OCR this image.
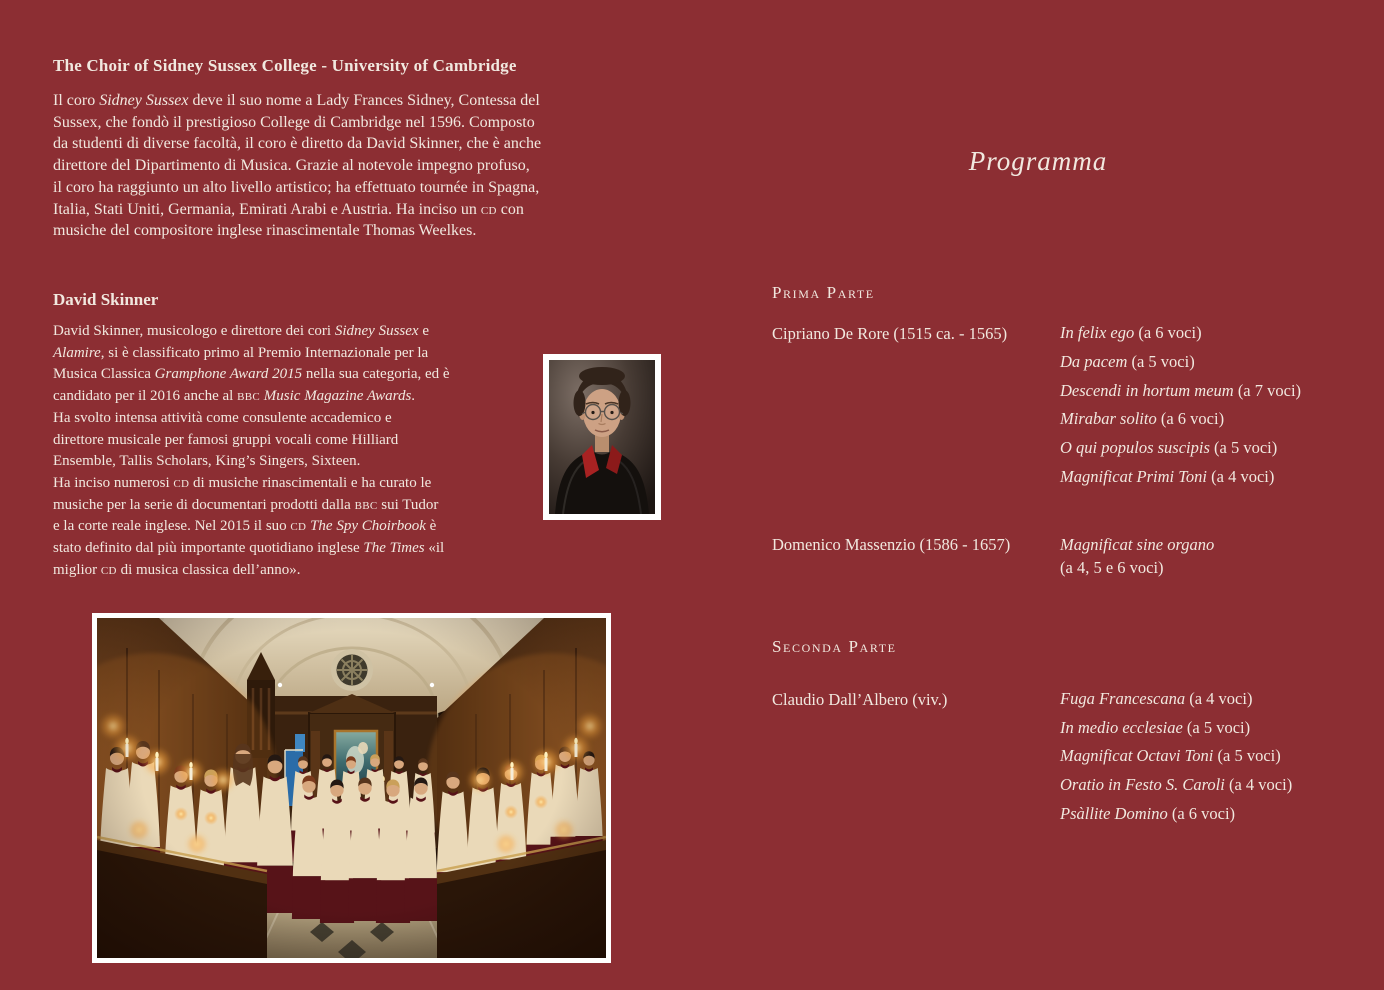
The Choir of Sidney Sussex College - University of Cambridge

Il coro Sidney Sussex deve il suo nome a Lady Frances Sidney, Contessa del
Sussex, che fondò il prestigioso College di Cambridge nel 1596. Composto
da studenti di diverse facoltà, il coro è diretto da David Skinner, che è anche
direttore del Dipartimento di Musica. Grazie al notevole impegno profuso,
il coro ha raggiunto un alto livello artistico; ha effettuato tournée in Spagna,
Italia, Stati Uniti, Germania, Emirati Arabi e Austria. Ha inciso un cd con
musiche del compositore inglese rinascimentale Thomas Weelkes.

David Skinner

David Skinner, musicologo e direttore dei cori Sidney Sussex e
Alamire, si è classificato primo al Premio Internazionale per la
Musica Classica Gramphone Award 2015 nella sua categoria, ed è
candidato per il 2016 anche al bbc Music Magazine Awards.
Ha svolto intensa attività come consulente accademico e
direttore musicale per famosi gruppi vocali come Hilliard
Ensemble, Tallis Scholars, King’s Singers, Sixteen.
Ha inciso numerosi cd di musiche rinascimentali e ha curato le
musiche per la serie di documentari prodotti dalla bbc sui Tudor
e la corte reale inglese. Nel 2015 il suo cd The Spy Choirbook è
stato definito dal più importante quotidiano inglese The Times «il
miglior cd di musica classica dell’anno».

Programma
Prima Parte
Cipriano De Rore (1515 ca. - 1565)	In felix ego (a 6 voci)
Da pacem (a 5 voci)
Descendi in hortum meum (a 7 voci)
Mirabar solito (a 6 voci)
O qui populos suscipis (a 5 voci)
Magnificat Primi Toni (a 4 voci)
Domenico Massenzio (1586 - 1657)	Magnificat sine organo
(a 4, 5 e 6 voci)
Seconda Parte
Claudio Dall’Albero (viv.)	Fuga Francescana (a 4 voci)
In medio ecclesiae (a 5 voci)
Magnificat Octavi Toni (a 5 voci)
Oratio in Festo S. Caroli (a 4 voci)
Psàllite Domino (a 6 voci)
